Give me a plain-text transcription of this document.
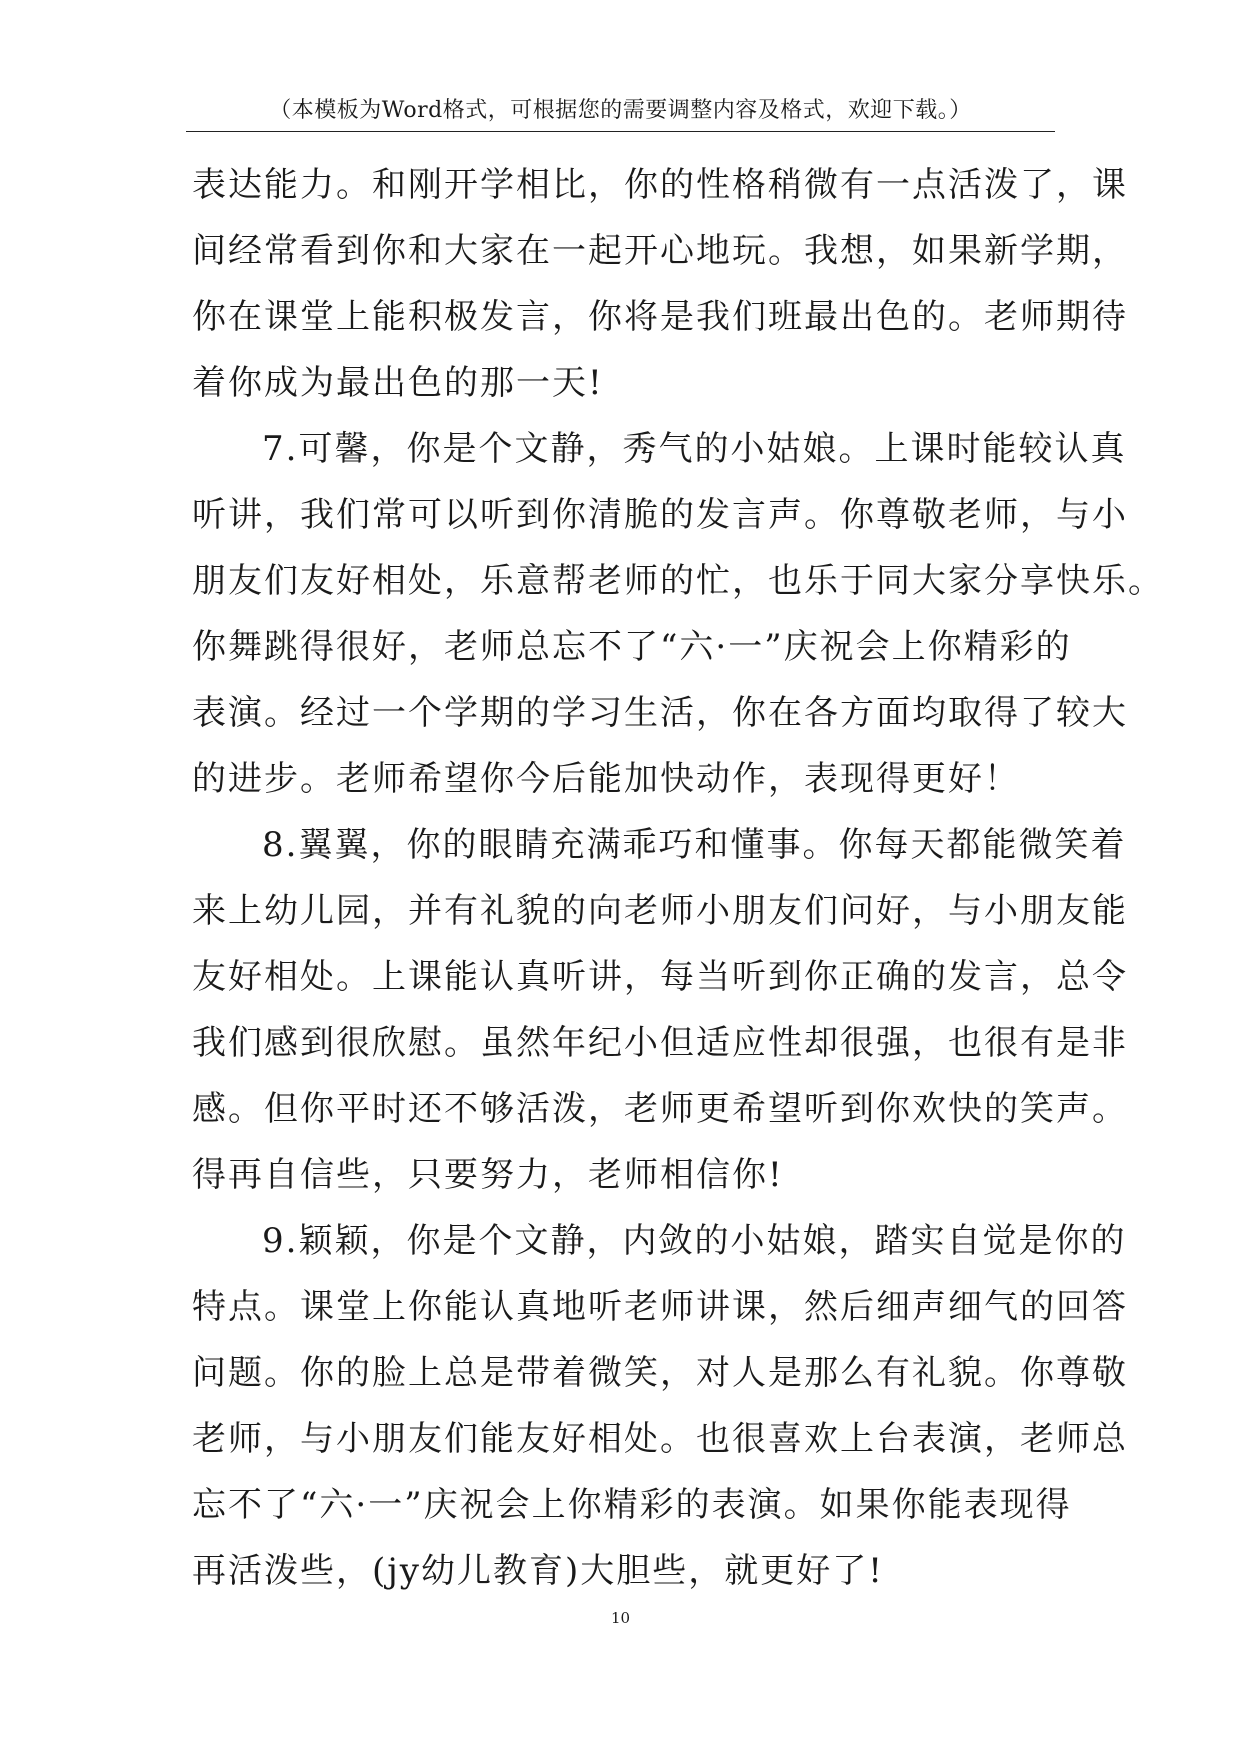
（本模板为Word格式，可根据您的需要调整内容及格式，欢迎下载。）
表达能力。和刚开学相比，你的性格稍微有一点活泼了，课
间经常看到你和大家在一起开心地玩。我想，如果新学期，
你在课堂上能积极发言，你将是我们班最出色的。老师期待
着你成为最出色的那一天!
7.可馨，你是个文静，秀气的小姑娘。上课时能较认真
听讲，我们常可以听到你清脆的发言声。你尊敬老师，与小
朋友们友好相处，乐意帮老师的忙，也乐于同大家分享快乐。
你舞跳得很好，老师总忘不了“六·一”庆祝会上你精彩的
表演。经过一个学期的学习生活，你在各方面均取得了较大
的进步。老师希望你今后能加快动作，表现得更好！
8.翼翼，你的眼睛充满乖巧和懂事。你每天都能微笑着
来上幼儿园，并有礼貌的向老师小朋友们问好，与小朋友能
友好相处。上课能认真听讲，每当听到你正确的发言，总令
我们感到很欣慰。虽然年纪小但适应性却很强，也很有是非
感。但你平时还不够活泼，老师更希望听到你欢快的笑声。
得再自信些，只要努力，老师相信你!
9.颖颖，你是个文静，内敛的小姑娘，踏实自觉是你的
特点。课堂上你能认真地听老师讲课，然后细声细气的回答
问题。你的脸上总是带着微笑，对人是那么有礼貌。你尊敬
老师，与小朋友们能友好相处。也很喜欢上台表演，老师总
忘不了“六·一”庆祝会上你精彩的表演。如果你能表现得
再活泼些，(jy幼儿教育)大胆些，就更好了!
10
